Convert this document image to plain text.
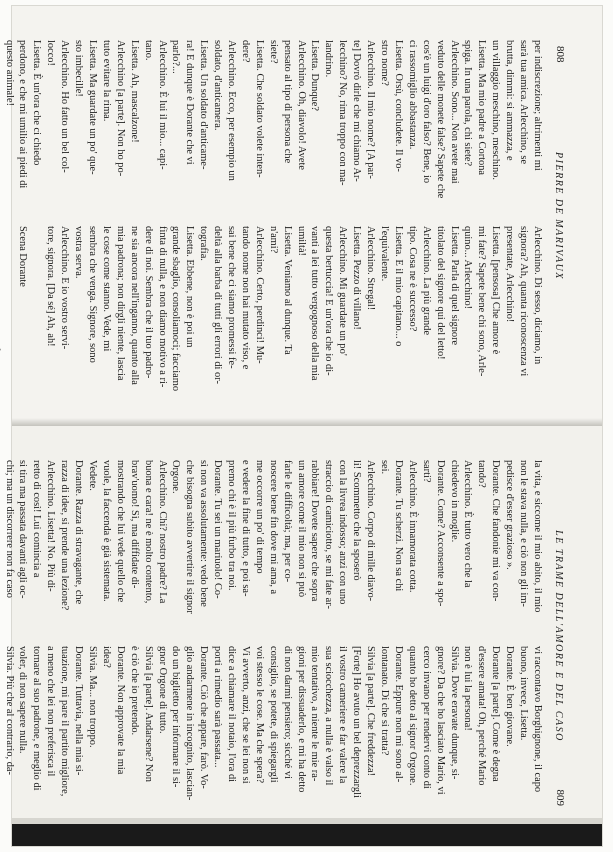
808
PIERRE DE MARIVAUX

per indiscrezione; altrimenti mi

sarà tua amica. Arlecchino, se

brutta, dimmi: si ammazza, e

un villaggio meschino, meschino.

Lisetta. Ma mio padre a Cortona

spiga. In una parola, chi siete?

Arlecchino. Sono... Non avete mai

veduto delle monete false? Sapete che

cos'è un luigi d'oro falso? Bene, io

ci rassomiglio abbastanza.

Lisetta. Orsù, concludete. Il vo-

stro nome?

Arlecchino. Il mio nome? [A par-

te] Dovrò dirle che mi chiamo Ar-

lecchino? No, rima troppo con ma-

landrino.

Lisetta. Dunque?

Arlecchino. Oh, diavolo! Avete

pensato al tipo di persona che

siete?

Lisetta. Che soldato volete inten-

dere?

Arlecchino. Ecco, per esempio un

soldato, d'anticamera.

Lisetta. Un soldato d'anticame-

ra! E dunque è Dorante che vi

parlo?...

Arlecchino. È lui il mio... capi-

tano.

Lisetta. Ah, mascalzone!

Arlecchino [a parte]. Non ho po-

tuto evitare la rima.

Lisetta. Ma guardate un po' que-

sto imbecille!

Arlecchino. Ho fatto un bel col-

locco!

Lisetta. È un'ora che ci chiedo

perdono, e che mi umilio ai piedi di

questo animale!

Arlecchino. Di sesso, diciamo, in

signora? Ah, quanta riconoscenza vi

presentate, Arlecchino!

Lisetta. [pensosa] Che amore è

mi fate? Sapete bene chi sono, Arle-

quino... Arlecchino!

Lisetta. Parla di quel signore

titolato del signore qui del letto!

Arlecchino. La più grande

tipo. Cosa ne è successo?

Lisetta. E il mio capitano... o

l'equivalente.

Arlecchino. Stregal!

Lisetta. Pezzo di villano!

Arlecchino. Mi guardate un po'

questa bertuccia! E un'ora che io di-

vanti a lei tutto vergognoso della mia

umiltà!

Lisetta. Veniamo al dunque. Ta

n'ami?

Arlecchino. Certo, perdinci! Mu-

tando nome non hai mutato viso, e

sai bene che ci siamo promessi fe-

deltà alla barba di tutti gli errori di or-

tografia.

Lisetta. Ebbene, non è poi un

grande sbaglio, consoliamoci; facciamo

finta di nulla, e non diamo motivo a ri-

dere di noi. Sembra che il tuo padro-

ne sia ancora nell'inganno, quanto alla

mia padrona; non dirgli niente, lascia

le cose come stanno. Vede, mi

sembra che venga. Signore, sono

vostra serva.

Arlecchino. E io vostro servi-

tore, signora. [Da sé] Ah, ah!

Scena Dorante

809
LE TRAME DELL'AMORE E DEL CASO

la vita, e siccome il mio abito, il mio

non le stava nulla, e ciò non gli im-

pedisce d'esser grazioso ».

Dorante. Che fandonie mi va con-

tando?

Arlecchino. È tutto vero che la

chiedevo in moglie.

Dorante. Come? Acconsente a spo-

sarti?

Arlecchino. È innamorata cotta.

Dorante. Tu scherzi. Non sa chi

sei.

Arlecchino. Corpo di mille diavo-

li! Scommetto che la sposerò

con la livrea indosso; anzi con uno

straccio di camiciotto, se mi fate ar-

rabbiare! Dovete sapere che sopra

un amore come il mio non si può

farle le difficoltà; ma, per co-

noscere bene fin dove mi ama, a

me occorre un po' di tempo

e vedere la fine di tutto, e poi sa-

premo chi è il più furbo tra noi.

Dorante. Tu sei un mariuolo! Co-

sì non va assolutamente: vedo bene

che bisogna subito avvertire il signor

Orgone.

Arlecchino. Chi? nostro padre? La

buona e cara! ne è molto contento,

brav'uomo! Sì, ma diffidate di-

mostrando che lui vede quello che

vuole, la faccenda è già sistemata.

Vedete.

Dorante. Razza di stravagante, che

razza di idee, si prende una lezione?

Arlecchino. Lisetta! No. Più di-

retto di così! Lui comincia a

si tira ma passata davanti agli oc-

chi; ma un discorrere non fa caso

vi raccontavo Borghignone, il capo

buono, invece, Lisetta.

Dorante. È ben giovane.

Dorante [a parte]. Come è degna

d'essere amata! Oh, perché Mario

non è lui la persona!

Silvia. Dove eravate dunque, si-

gnore? Da che ho lasciato Mario, vi

cerco invano per rendervi conto di

quanto ho detto al signor Orgone.

Dorante. Eppure non mi sono al-

lontanato. Di che si tratta?

Silvia [a parte]. Che freddezza!

[Forte] Ho avuto un bel deprezzargli

il vostro cameriere e far valere la

sua sciocchezza, a nulla è valso il

mio tentativo, a niente le mie ra-

gioni per dissuaderlo, e mi ha detto

di non darmi pensiero; sicché vi

consiglio, se potete, di spiegargli

voi stesso le cose. Ma che spera?

Vi avverto, anzi, che se lei non si

dice a chiamare il notaio, l'ora di

porti a rimedio sarà passata...

Dorante. Ciò che appare, farò. Vo-

glio andarmene in incognito, lascian-

do un biglietto per informare il si-

gnor Orgone di tutto.

Silvia [a parte]. Andarsene? Non

è ciò che io pretendo.

Dorante. Non approvate la mia

idea?

Silvia. Ma... non troppo.

Dorante. Tuttavia, nella mia si-

tuazione, mi pare il partito migliore,

a meno che lei non preferisca il

tornare al suo padrone, e meglio di

voler, di non sapere nulla.

Silvia. Più che al contrario, da-
